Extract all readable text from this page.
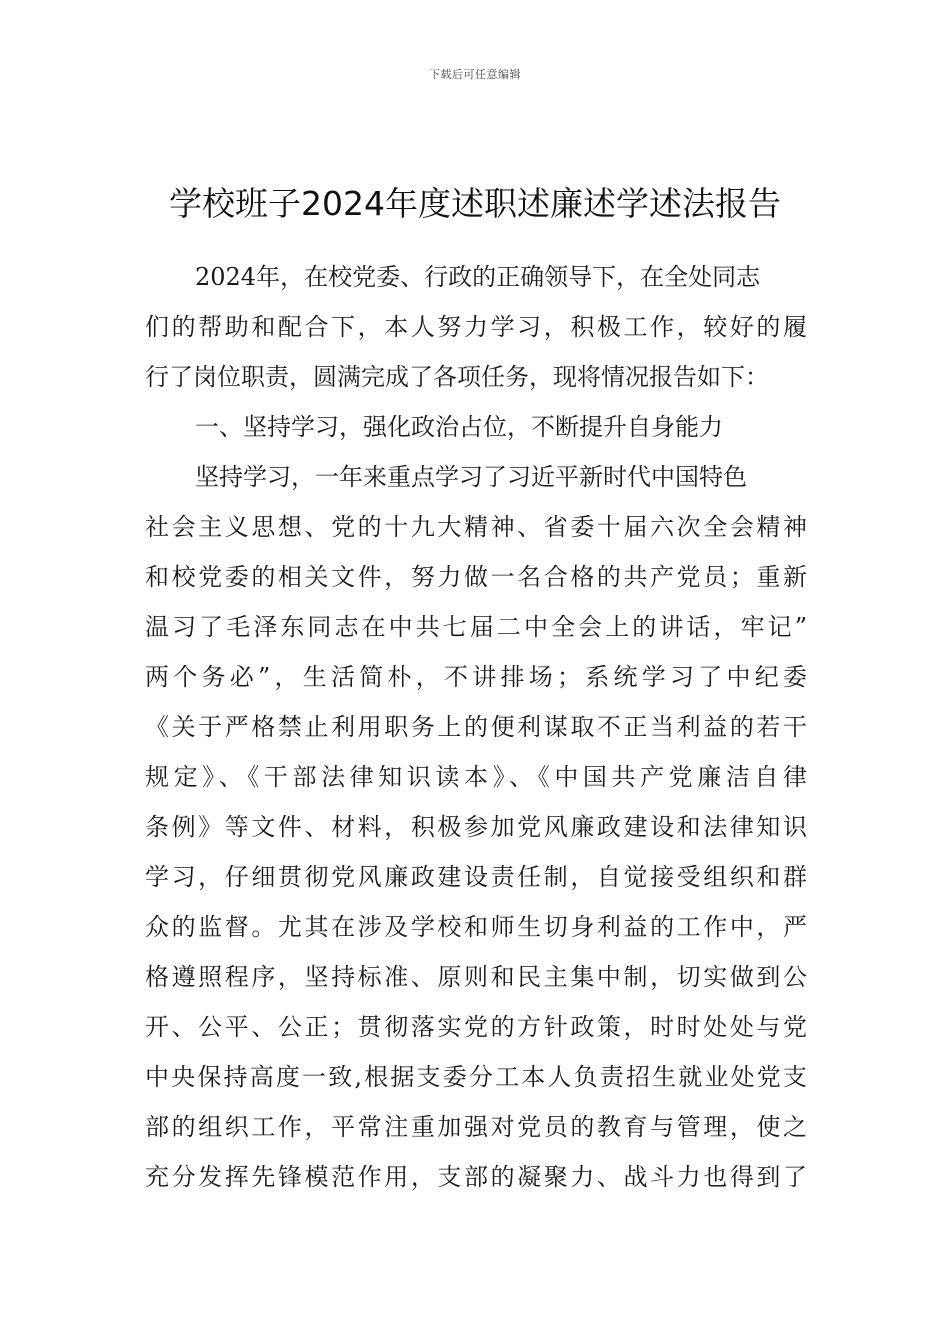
下载后可任意编辑
学校班子2024年度述职述廉述学述法报告
2024年，在校党委、行政的正确领导下，在全处同志
们的帮助和配合下，本人努力学习，积极工作，较好的履
行了岗位职责，圆满完成了各项任务，现将情况报告如下：
一、坚持学习，强化政治占位，不断提升自身能力
坚持学习，一年来重点学习了习近平新时代中国特色
社会主义思想、党的十九大精神、省委十届六次全会精神
和校党委的相关文件，努力做一名合格的共产党员；重新
温习了毛泽东同志在中共七届二中全会上的讲话，牢记”
两个务必”，生活简朴，不讲排场；系统学习了中纪委
《关于严格禁止利用职务上的便利谋取不正当利益的若干
规定》、《干部法律知识读本》、《中国共产党廉洁自律
条例》等文件、材料，积极参加党风廉政建设和法律知识
学习，仔细贯彻党风廉政建设责任制，自觉接受组织和群
众的监督。尤其在涉及学校和师生切身利益的工作中，严
格遵照程序，坚持标准、原则和民主集中制，切实做到公
开、公平、公正；贯彻落实党的方针政策，时时处处与党
中央保持高度一致,根据支委分工本人负责招生就业处党支
部的组织工作，平常注重加强对党员的教育与管理，使之
充分发挥先锋模范作用，支部的凝聚力、战斗力也得到了
